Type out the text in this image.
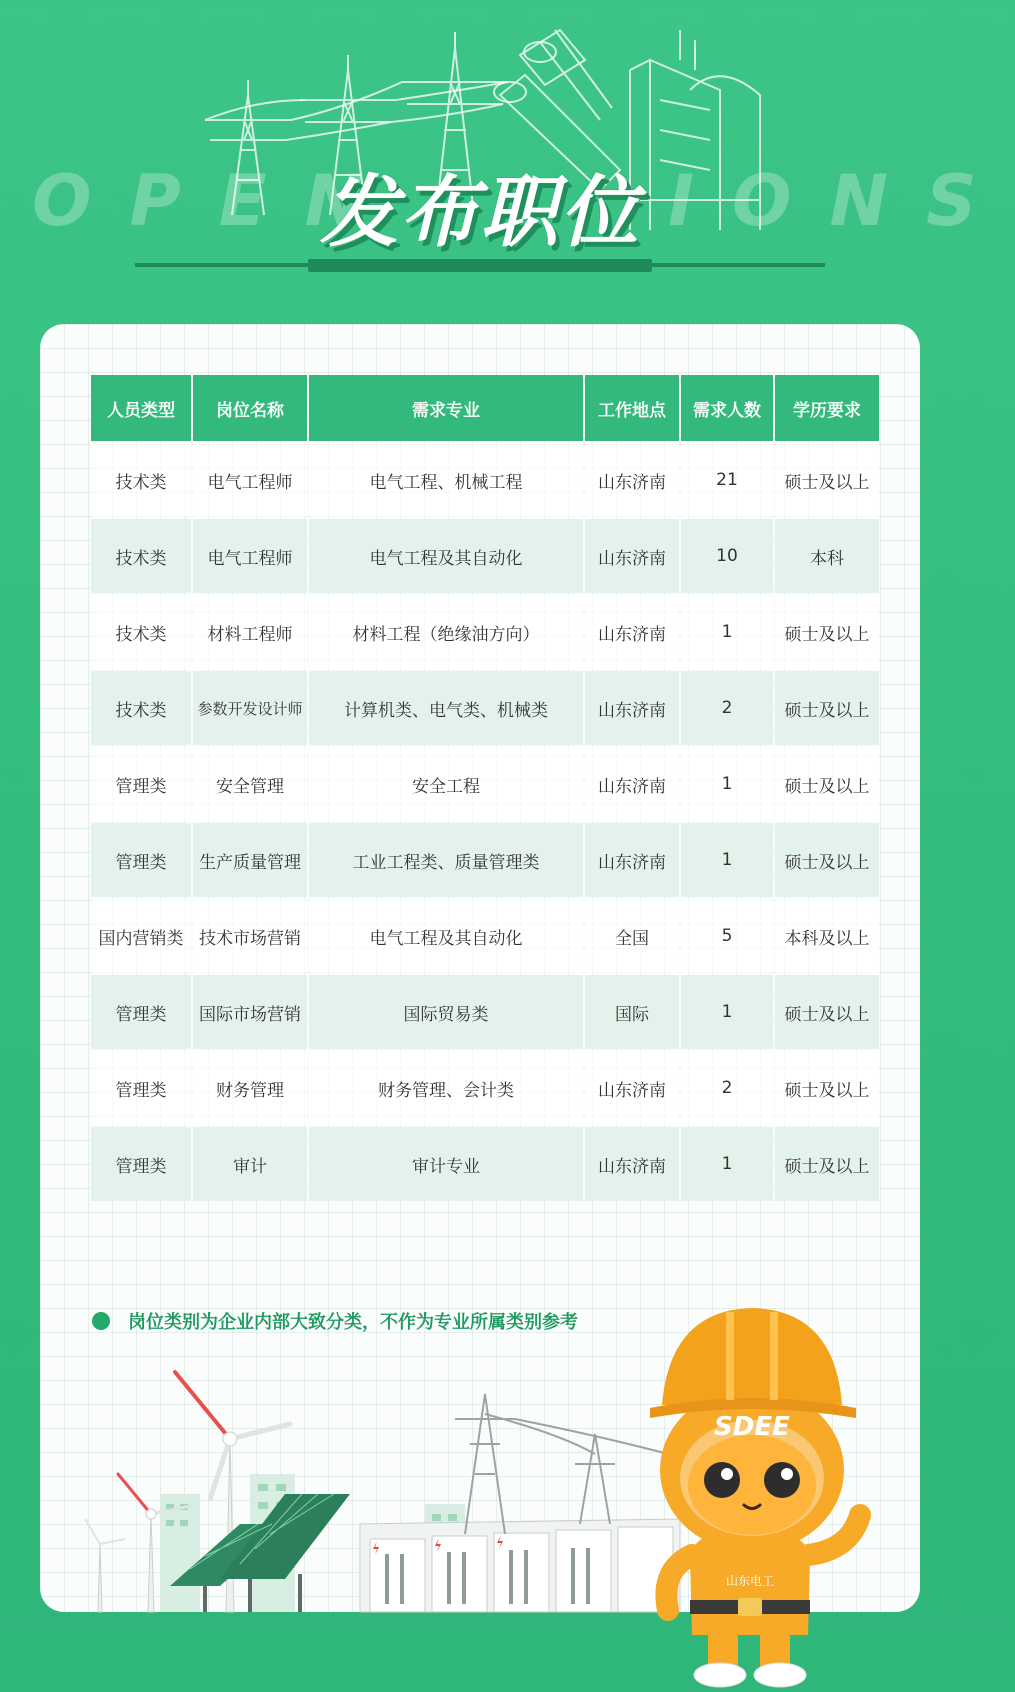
OPEN	IONS
发布职位
人员类型	岗位名称	需求专业	工作地点	需求人数	学历要求
技术类	电气工程师	电气工程、机械工程	山东济南	21	硕士及以上
技术类	电气工程师	电气工程及其自动化	山东济南	10	本科
技术类	材料工程师	材料工程（绝缘油方向）	山东济南	1	硕士及以上
技术类	参数开发设计师	计算机类、电气类、机械类	山东济南	2	硕士及以上
管理类	安全管理	安全工程	山东济南	1	硕士及以上
管理类	生产质量管理	工业工程类、质量管理类	山东济南	1	硕士及以上
国内营销类	技术市场营销	电气工程及其自动化	全国	5	本科及以上
管理类	国际市场营销	国际贸易类	国际	1	硕士及以上
管理类	财务管理	财务管理、会计类	山东济南	2	硕士及以上
管理类	审计	审计专业	山东济南	1	硕士及以上
岗位类别为企业内部大致分类，不作为专业所属类别参考
山东电工
SDEE
